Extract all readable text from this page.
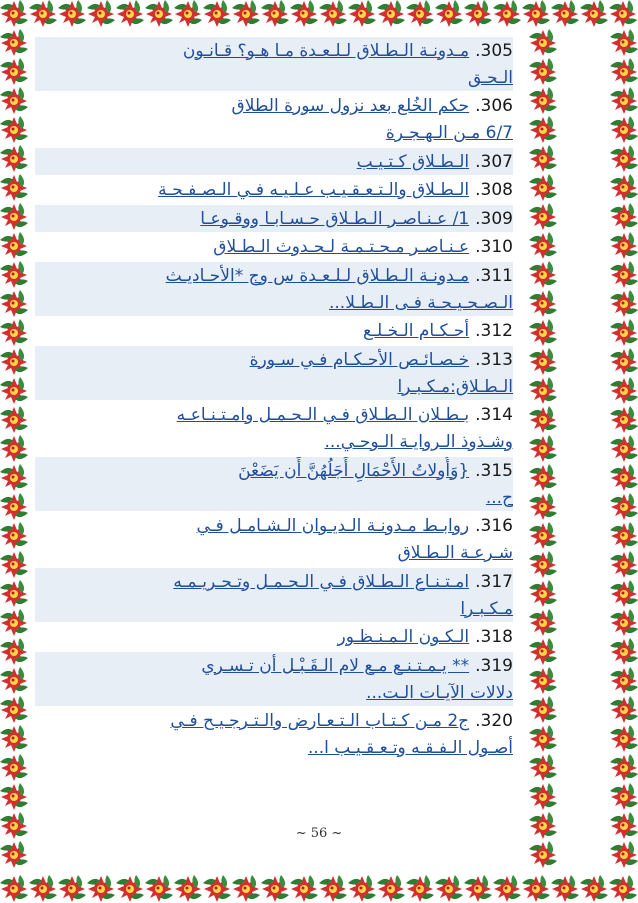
305.
مـدونـة الـطـلاق لـلـعـدة مـا هـو؟ قـانـون
الـحـق
306.
حكم الخُلع بعد نزول سورة الطلاق
6/7 مـن الـهـجـرة
307.
الـطـلاق كـتـيـب
308.
الـطـلاق والـتـعـقـيـب عـلـيـه فـي الـصـفـحـة
309.
1/ عـنـاصـر الـطـلاق حـسـابـا ووقـوعـا
310.
عـنـاصـر مـحـتـمـة لـحـدوث الـطـلاق
311.
مـدونـة الـطـلاق لـلـعـدة س وج *الأحـاديـث
الـصـحـيـحـة فـى الـطـلا...
312.
أحـكـام الـخـلـع
313.
خـصـائـص الأحـكـام فـي سـورة
الـطـلاق:مـكـبـرا
314.
بـطـلان الـطـلاق فـي الـحـمـل وامـتـنـاعـه
وشـذوذ الـروايـة الـوحـي...
315.
{وَأُولاتُ الأَحْمَالِ أَجَلُهُنَّ أَن يَضَعْنَ
ح...
316.
روابـط مـدونـة الـديـوان الـشـامـل فـي
شـرعـة الـطـلاق
317.
امـتـنـاع الـطـلاق فـي الـحـمـل وتـحـريـمـه
مـكـبـرا
318.
الـكـون الـمـنـظـور
319.
** يـمـتـنـع مـع لام الـقَـبْـل أن تـسـري
دلالات الآيـات الـت...
320.
ج2 مـن كـتـاب الـتـعـارض والـتـرجـيـح فـي
أصـول الـفـقـه وتـعـقـيـب ا...
~ 56 ~
